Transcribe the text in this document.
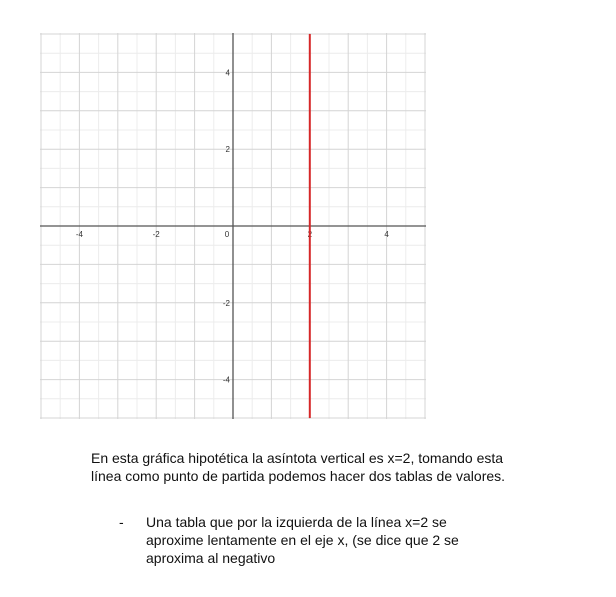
-4	-2	0	2	4
-4
-2
2
4

En esta gráfica hipotética la asíntota vertical es x=2, tomando esta línea como punto de partida podemos hacer dos tablas de valores.

- Una tabla que por la izquierda de la línea x=2 se aproxime lentamente en el eje x, (se dice que 2 se aproxima al negativo
